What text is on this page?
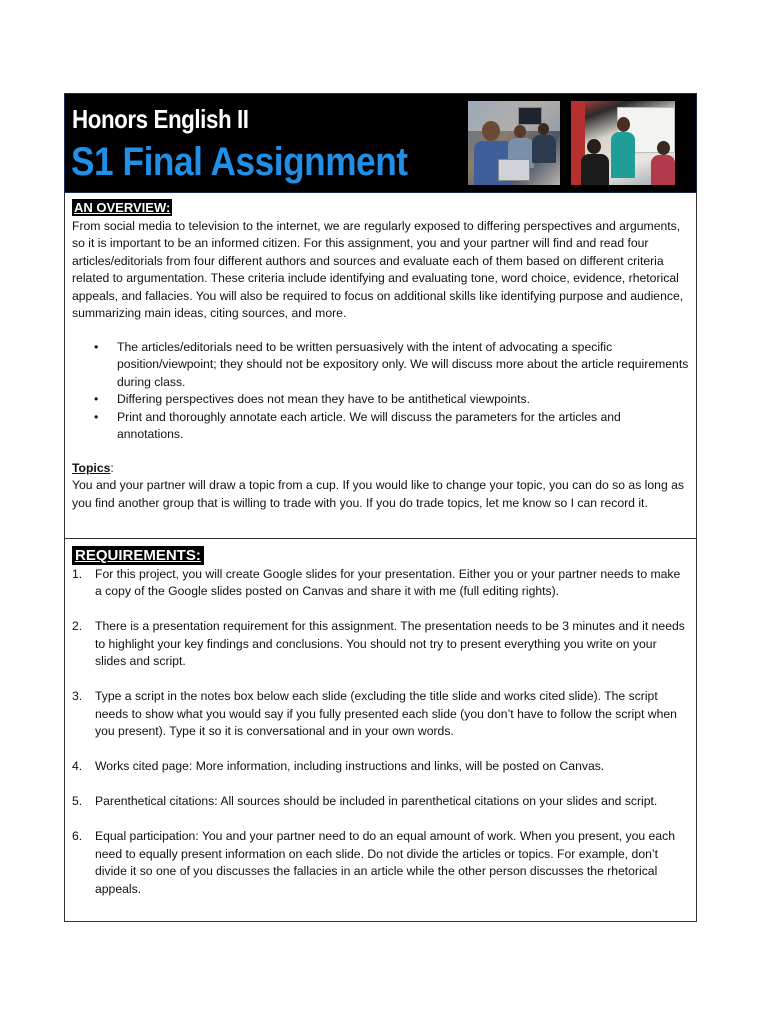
Honors English II
S1 Final Assignment
AN OVERVIEW:

From social media to television to the internet, we are regularly exposed to differing perspectives and arguments, so it is important to be an informed citizen. For this assignment, you and your partner will find and read four articles/editorials from four different authors and sources and evaluate each of them based on different criteria related to argumentation. These criteria include identifying and evaluating tone, word choice, evidence, rhetorical appeals, and fallacies. You will also be required to focus on additional skills like identifying purpose and audience, summarizing main ideas, citing sources, and more.

• The articles/editorials need to be written persuasively with the intent of advocating a specific position/viewpoint; they should not be expository only. We will discuss more about the article requirements during class.
• Differing perspectives does not mean they have to be antithetical viewpoints.
• Print and thoroughly annotate each article. We will discuss the parameters for the articles and annotations.

Topics:

You and your partner will draw a topic from a cup. If you would like to change your topic, you can do so as long as you find another group that is willing to trade with you. If you do trade topics, let me know so I can record it.

REQUIREMENTS:
1. For this project, you will create Google slides for your presentation. Either you or your partner needs to make a copy of the Google slides posted on Canvas and share it with me (full editing rights).
2. There is a presentation requirement for this assignment. The presentation needs to be 3 minutes and it needs to highlight your key findings and conclusions. You should not try to present everything you write on your slides and script.
3. Type a script in the notes box below each slide (excluding the title slide and works cited slide). The script needs to show what you would say if you fully presented each slide (you don’t have to follow the script when you present). Type it so it is conversational and in your own words.
4. Works cited page: More information, including instructions and links, will be posted on Canvas.
5. Parenthetical citations: All sources should be included in parenthetical citations on your slides and script.
6. Equal participation: You and your partner need to do an equal amount of work. When you present, you each need to equally present information on each slide. Do not divide the articles or topics. For example, don’t divide it so one of you discusses the fallacies in an article while the other person discusses the rhetorical appeals.
